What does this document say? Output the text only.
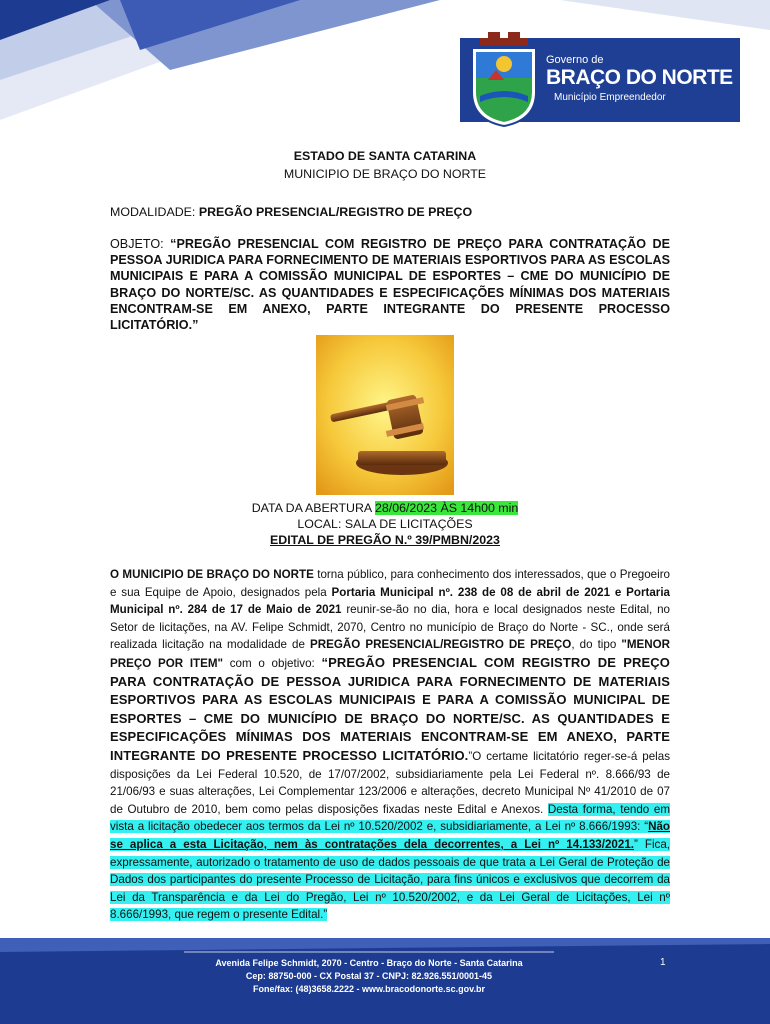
Governo de
BRAÇO DO NORTE
Município Empreendedor
ESTADO DE SANTA CATARINA
MUNICIPIO DE BRAÇO DO NORTE
MODALIDADE: PREGÃO PRESENCIAL/REGISTRO DE PREÇO
OBJETO: “PREGÃO PRESENCIAL COM REGISTRO DE PREÇO PARA CONTRATAÇÃO DE PESSOA JURIDICA PARA FORNECIMENTO DE MATERIAIS ESPORTIVOS PARA AS ESCOLAS MUNICIPAIS E PARA A COMISSÃO MUNICIPAL DE ESPORTES – CME DO MUNICÍPIO DE BRAÇO DO NORTE/SC. AS QUANTIDADES E ESPECIFICAÇÕES MÍNIMAS DOS MATERIAIS ENCONTRAM-SE EM ANEXO, PARTE INTEGRANTE DO PRESENTE PROCESSO LICITATÓRIO.”
DATA DA ABERTURA 28/06/2023 ÀS 14h00 min
LOCAL: SALA DE LICITAÇÕES
EDITAL DE PREGÃO N.º 39/PMBN/2023
O MUNICIPIO DE BRAÇO DO NORTE torna público, para conhecimento dos interessados, que o Pregoeiro e sua Equipe de Apoio, designados pela Portaria Municipal nº. 238 de 08 de abril de 2021 e Portaria Municipal nº. 284 de 17 de Maio de 2021 reunir-se-ão no dia, hora e local designados neste Edital, no Setor de licitações, na AV. Felipe Schmidt, 2070, Centro no município de Braço do Norte - SC., onde será realizada licitação na modalidade de PREGÃO PRESENCIAL/REGISTRO DE PREÇO, do tipo "MENOR PREÇO POR ITEM" com o objetivo: “PREGÃO PRESENCIAL COM REGISTRO DE PREÇO PARA CONTRATAÇÃO DE PESSOA JURIDICA PARA FORNECIMENTO DE MATERIAIS ESPORTIVOS PARA AS ESCOLAS MUNICIPAIS E PARA A COMISSÃO MUNICIPAL DE ESPORTES – CME DO MUNICÍPIO DE BRAÇO DO NORTE/SC. AS QUANTIDADES E ESPECIFICAÇÕES MÍNIMAS DOS MATERIAIS ENCONTRAM-SE EM ANEXO, PARTE INTEGRANTE DO PRESENTE PROCESSO LICITATÓRIO.”O certame licitatório reger-se-á pelas disposições da Lei Federal 10.520, de 17/07/2002, subsidiariamente pela Lei Federal nº. 8.666/93 de 21/06/93 e suas alterações, Lei Complementar 123/2006 e alterações, decreto Municipal Nº 41/2010 de 07 de Outubro de 2010, bem como pelas disposições fixadas neste Edital e Anexos. Desta forma, tendo em vista a licitação obedecer aos termos da Lei nº 10.520/2002 e, subsidiariamente, a Lei nº 8.666/1993: “Não se aplica a esta Licitação, nem às contratações dela decorrentes, a Lei nº 14.133/2021.” Fica, expressamente, autorizado o tratamento de uso de dados pessoais de que trata a Lei Geral de Proteção de Dados dos participantes do presente Processo de Licitação, para fins únicos e exclusivos que decorrem da Lei da Transparência e da Lei do Pregão, Lei nº 10.520/2002, e da Lei Geral de Licitações, Lei nº 8.666/1993, que regem o presente Edital.”
Avenida Felipe Schmidt, 2070 - Centro - Braço do Norte - Santa Catarina
Cep: 88750-000 - CX Postal 37 - CNPJ: 82.926.551/0001-45
Fone/fax: (48)3658.2222 - www.bracodonorte.sc.gov.br
1
